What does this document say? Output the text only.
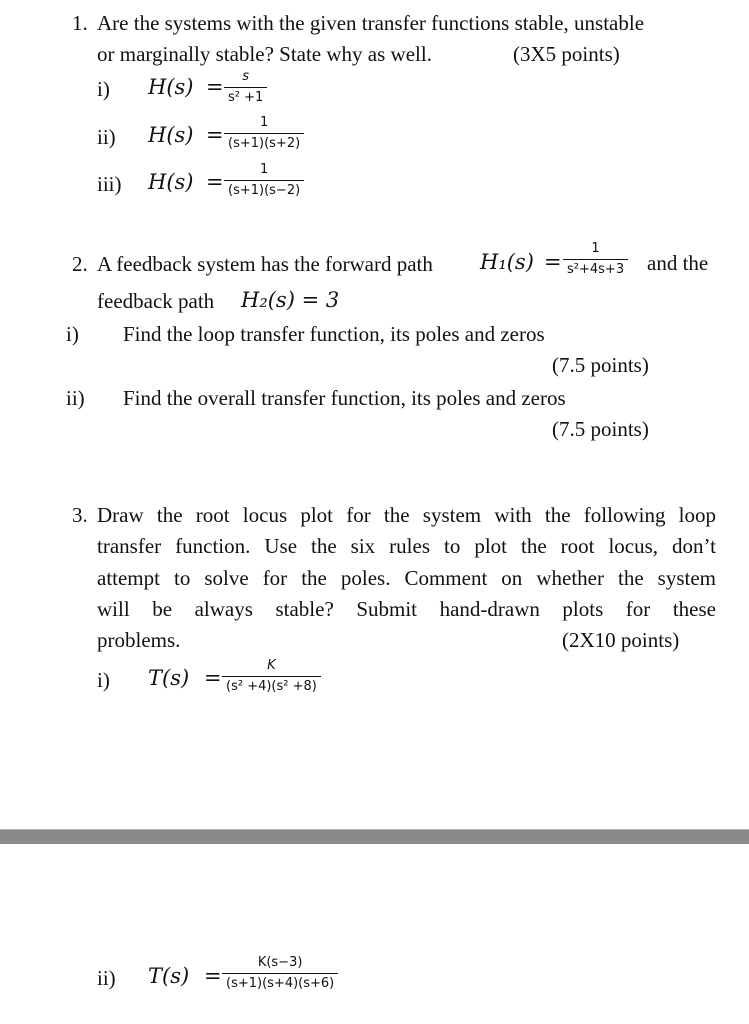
1. Are the systems with the given transfer functions stable, unstable
or marginally stable? State why as well.	(3X5 points)
i) H(s) =	s
s² +1
ii) H(s) =
1
(s+1)(s+2)
iii) H(s) =
1
(s+1)(s−2)
2. A feedback system has the forward path H₁(s) =
1
s²+4s+3 and the
feedback path H₂(s) = 3
i) Find the loop transfer function, its poles and zeros
(7.5 points)
ii) Find the overall transfer function, its poles and zeros
(7.5 points)
3. Draw the root locus plot for the system with the following loop
transfer function. Use the six rules to plot the root locus, don’t
attempt to solve for the poles. Comment on whether the system
will be always stable? Submit hand-drawn plots for these
problems.	(2X10 points)
i) T(s) =
K
(s² +4)(s² +8)
ii) T(s) =
K(s−3)
(s+1)(s+4)(s+6)
